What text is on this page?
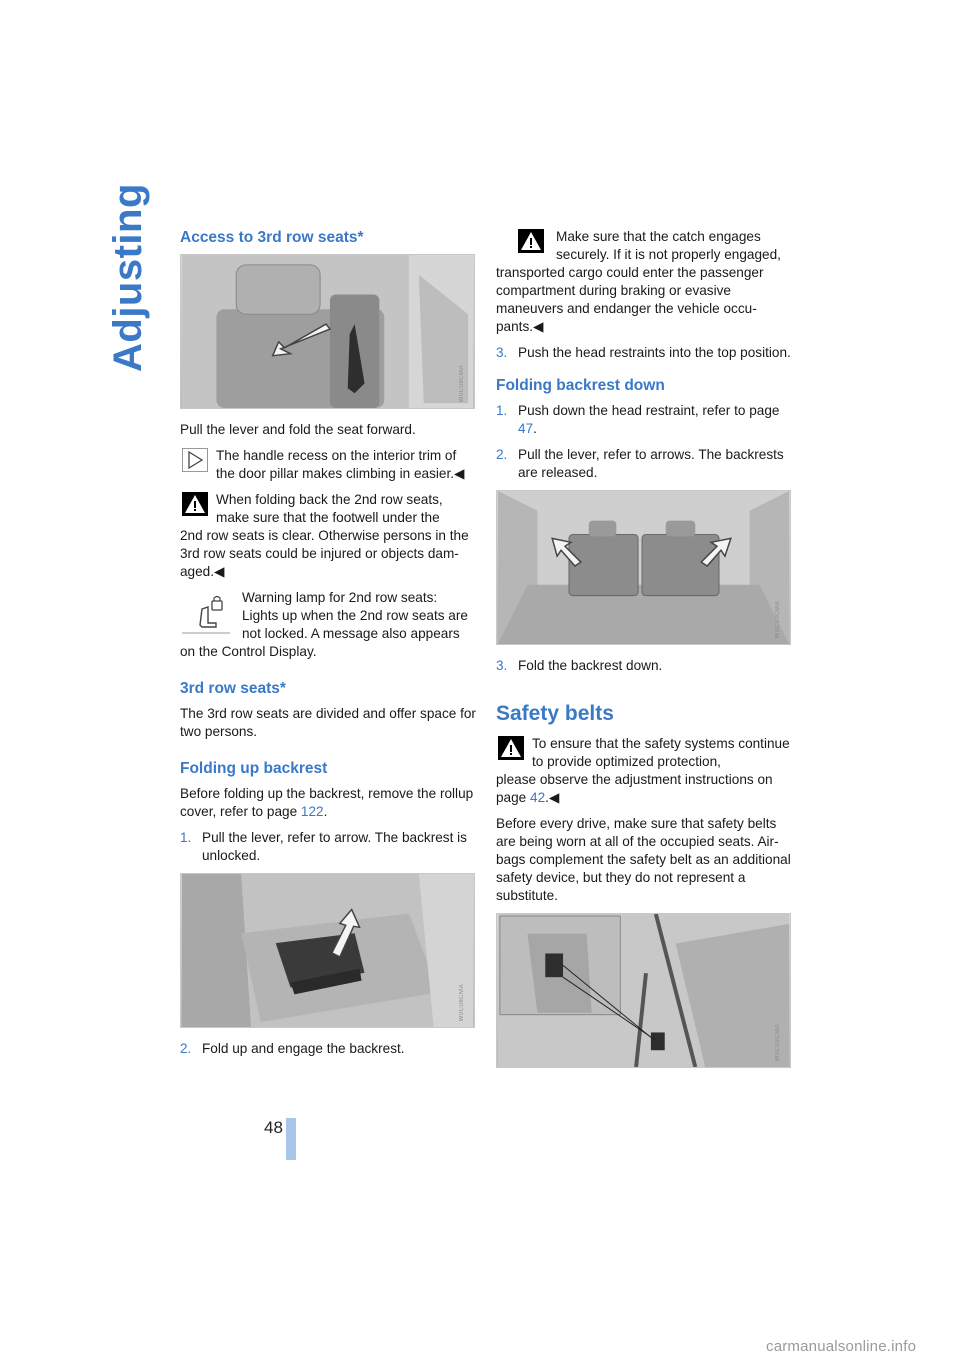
Adjusting
48
Access to 3rd row seats*
W0C09CMA

Pull the lever and fold the seat forward.

The handle recess on the interior trim of the door pillar makes climbing in easier.◀
When folding back the 2nd row seats, make sure that the footwell under the
2nd row seats is clear. Otherwise persons in the 3rd row seats could be injured or objects damaged.◀
Warning lamp for 2nd row seats: Lights up when the 2nd row seats are not locked. A message also appears
on the Control Display.
3rd row seats*

The 3rd row seats are divided and offer space for two persons.

Folding up backrest

Before folding up the backrest, remove the rollup cover, refer to page 122.

1. Pull the lever, refer to arrow. The backrest is unlocked.
W0C08CMA
2. Fold up and engage the backrest.
Make sure that the catch engages securely. If it is not properly engaged,
transported cargo could enter the passenger compartment during braking or evasive maneuvers and endanger the vehicle occupants.◀
3. Push the head restraints into the top position.
Folding backrest down
1. Push down the head restraint, refer to page 47.
2. Pull the lever, refer to arrows. The backrests are released.
W0C10CMA
3. Fold the backrest down.
Safety belts
To ensure that the safety systems continue to provide optimized protection,
please observe the adjustment instructions on page 42.◀

Before every drive, make sure that safety belts are being worn at all of the occupied seats. Airbags complement the safety belt as an additional safety device, but they do not represent a substitute.

W0C02CMA
carmanualsonline.info
